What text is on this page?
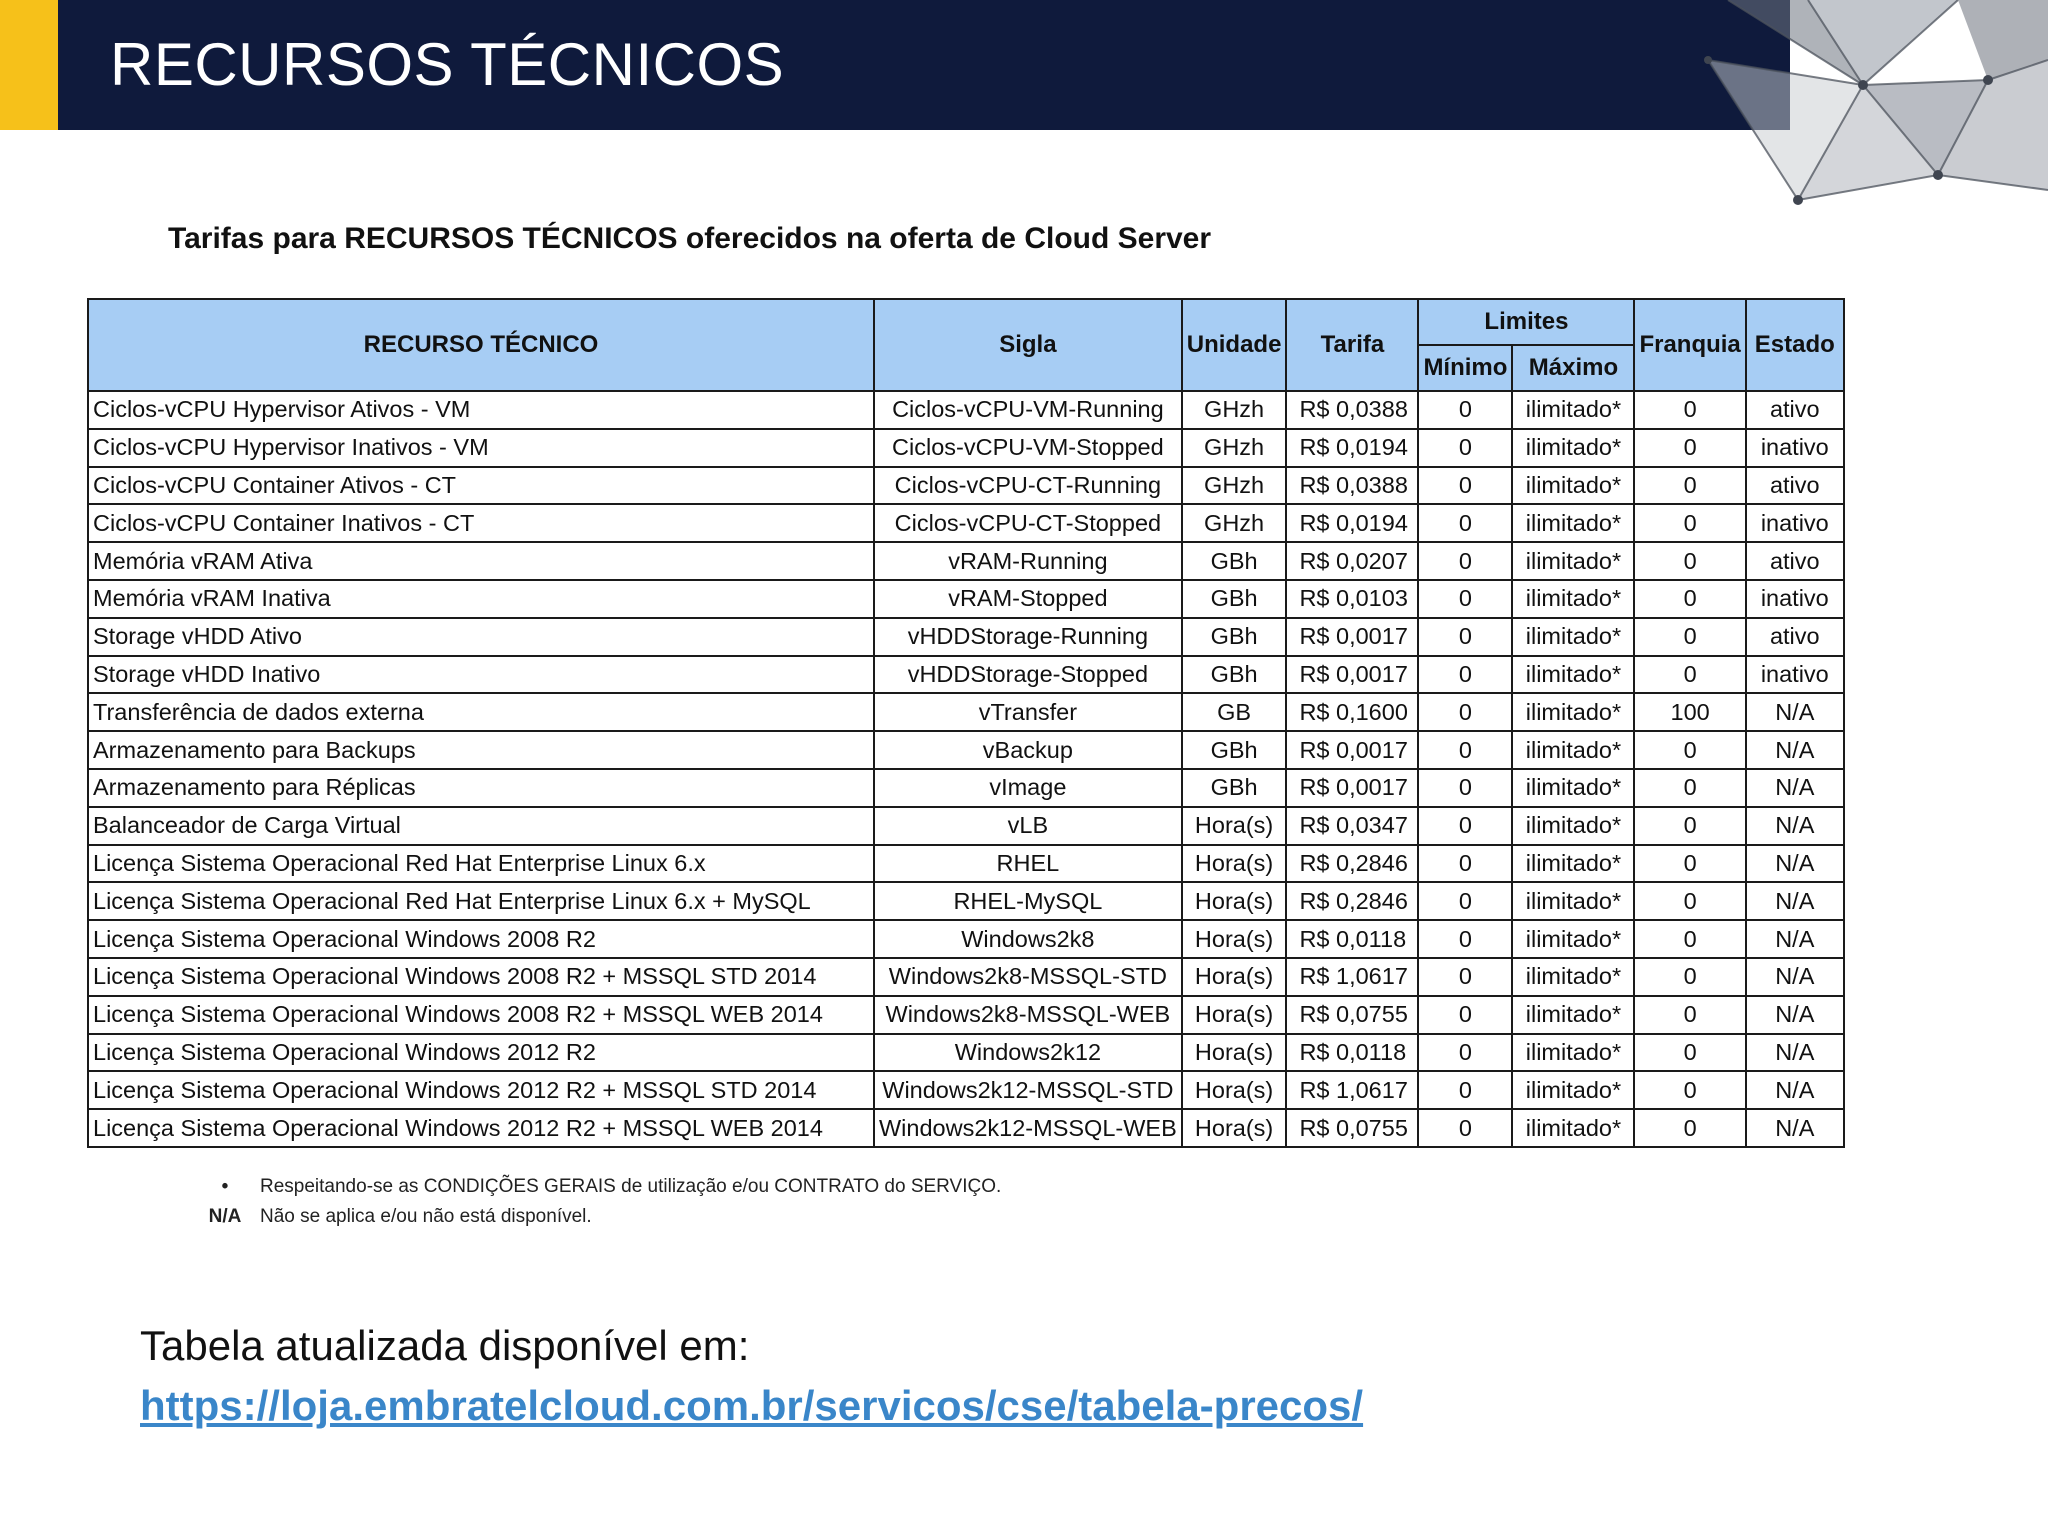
RECURSOS TÉCNICOS
Tarifas para RECURSOS TÉCNICOS oferecidos na oferta de Cloud Server
RECURSO TÉCNICO	Sigla	Unidade	Tarifa	Limites		Franquia	Estado
				Mínimo	Máximo		
Ciclos-vCPU Hypervisor Ativos - VM	Ciclos-vCPU-VM-Running	GHzh	R$ 0,0388	0	ilimitado*	0	ativo
Ciclos-vCPU Hypervisor Inativos - VM	Ciclos-vCPU-VM-Stopped	GHzh	R$ 0,0194	0	ilimitado*	0	inativo
Ciclos-vCPU Container Ativos - CT	Ciclos-vCPU-CT-Running	GHzh	R$ 0,0388	0	ilimitado*	0	ativo
Ciclos-vCPU Container Inativos - CT	Ciclos-vCPU-CT-Stopped	GHzh	R$ 0,0194	0	ilimitado*	0	inativo
Memória vRAM Ativa	vRAM-Running	GBh	R$ 0,0207	0	ilimitado*	0	ativo
Memória vRAM Inativa	vRAM-Stopped	GBh	R$ 0,0103	0	ilimitado*	0	inativo
Storage vHDD Ativo	vHDDStorage-Running	GBh	R$ 0,0017	0	ilimitado*	0	ativo
Storage vHDD Inativo	vHDDStorage-Stopped	GBh	R$ 0,0017	0	ilimitado*	0	inativo
Transferência de dados externa	vTransfer	GB	R$ 0,1600	0	ilimitado*	100	N/A
Armazenamento para Backups	vBackup	GBh	R$ 0,0017	0	ilimitado*	0	N/A
Armazenamento para Réplicas	vImage	GBh	R$ 0,0017	0	ilimitado*	0	N/A
Balanceador de Carga Virtual	vLB	Hora(s)	R$ 0,0347	0	ilimitado*	0	N/A
Licença Sistema Operacional Red Hat Enterprise Linux 6.x	RHEL	Hora(s)	R$ 0,2846	0	ilimitado*	0	N/A
Licença Sistema Operacional Red Hat Enterprise Linux 6.x + MySQL	RHEL-MySQL	Hora(s)	R$ 0,2846	0	ilimitado*	0	N/A
Licença Sistema Operacional Windows 2008 R2	Windows2k8	Hora(s)	R$ 0,0118	0	ilimitado*	0	N/A
Licença Sistema Operacional Windows 2008 R2 + MSSQL STD 2014	Windows2k8-MSSQL-STD	Hora(s)	R$ 1,0617	0	ilimitado*	0	N/A
Licença Sistema Operacional Windows 2008 R2 + MSSQL WEB 2014	Windows2k8-MSSQL-WEB	Hora(s)	R$ 0,0755	0	ilimitado*	0	N/A
Licença Sistema Operacional Windows 2012 R2	Windows2k12	Hora(s)	R$ 0,0118	0	ilimitado*	0	N/A
Licença Sistema Operacional Windows 2012 R2 + MSSQL STD 2014	Windows2k12-MSSQL-STD	Hora(s)	R$ 1,0617	0	ilimitado*	0	N/A
Licença Sistema Operacional Windows 2012 R2 + MSSQL WEB 2014	Windows2k12-MSSQL-WEB	Hora(s)	R$ 0,0755	0	ilimitado*	0	N/A
•	Respeitando-se as CONDIÇÕES GERAIS de utilização e/ou CONTRATO do SERVIÇO.
N/A Não se aplica e/ou não está disponível.

Tabela atualizada disponível em:

https://loja.embratelcloud.com.br/servicos/cse/tabela-precos/
